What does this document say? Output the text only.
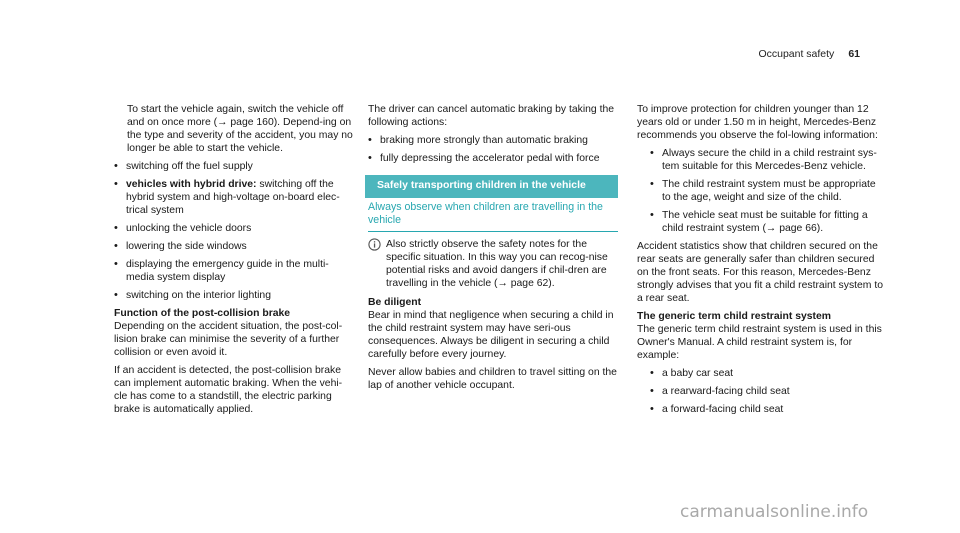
Occupant safety 61

To start the vehicle again, switch the vehicle off and on once more (→ page 160). Depend-ing on the type and severity of the accident, you may no longer be able to start the vehicle.

• switching off the fuel supply
• vehicles with hybrid drive: switching off the hybrid system and high-voltage on-board elec-trical system
• unlocking the vehicle doors
• lowering the side windows
• displaying the emergency guide in the multi-media system display
• switching on the interior lighting
Function of the post-collision brake

Depending on the accident situation, the post-col-lision brake can minimise the severity of a further collision or even avoid it.

If an accident is detected, the post-collision brake can implement automatic braking. When the vehi-cle has come to a standstill, the electric parking brake is automatically applied.

The driver can cancel automatic braking by taking the following actions:

• braking more strongly than automatic braking
• fully depressing the accelerator pedal with force
Safely transporting children in the vehicle
Always observe when children are travelling in the vehicle
Also strictly observe the safety notes for the specific situation. In this way you can recog-nise potential risks and avoid dangers if chil-dren are travelling in the vehicle (→ page 62).
Be diligent

Bear in mind that negligence when securing a child in the child restraint system may have seri-ous consequences. Always be diligent in securing a child carefully before every journey.

Never allow babies and children to travel sitting on the lap of another vehicle occupant.

To improve protection for children younger than 12 years old or under 1.50 m in height, Mercedes-Benz recommends you observe the fol-lowing information:

• Always secure the child in a child restraint sys-tem suitable for this Mercedes-Benz vehicle.
• The child restraint system must be appropriate to the age, weight and size of the child.
• The vehicle seat must be suitable for fitting a child restraint system (→ page 66).

Accident statistics show that children secured on the rear seats are generally safer than children secured on the front seats. For this reason, Mercedes-Benz strongly advises that you fit a child restraint system to a rear seat.

The generic term child restraint system

The generic term child restraint system is used in this Owner's Manual. A child restraint system is, for example:

• a baby car seat
• a rearward-facing child seat
• a forward-facing child seat
carmanualsonline.info
